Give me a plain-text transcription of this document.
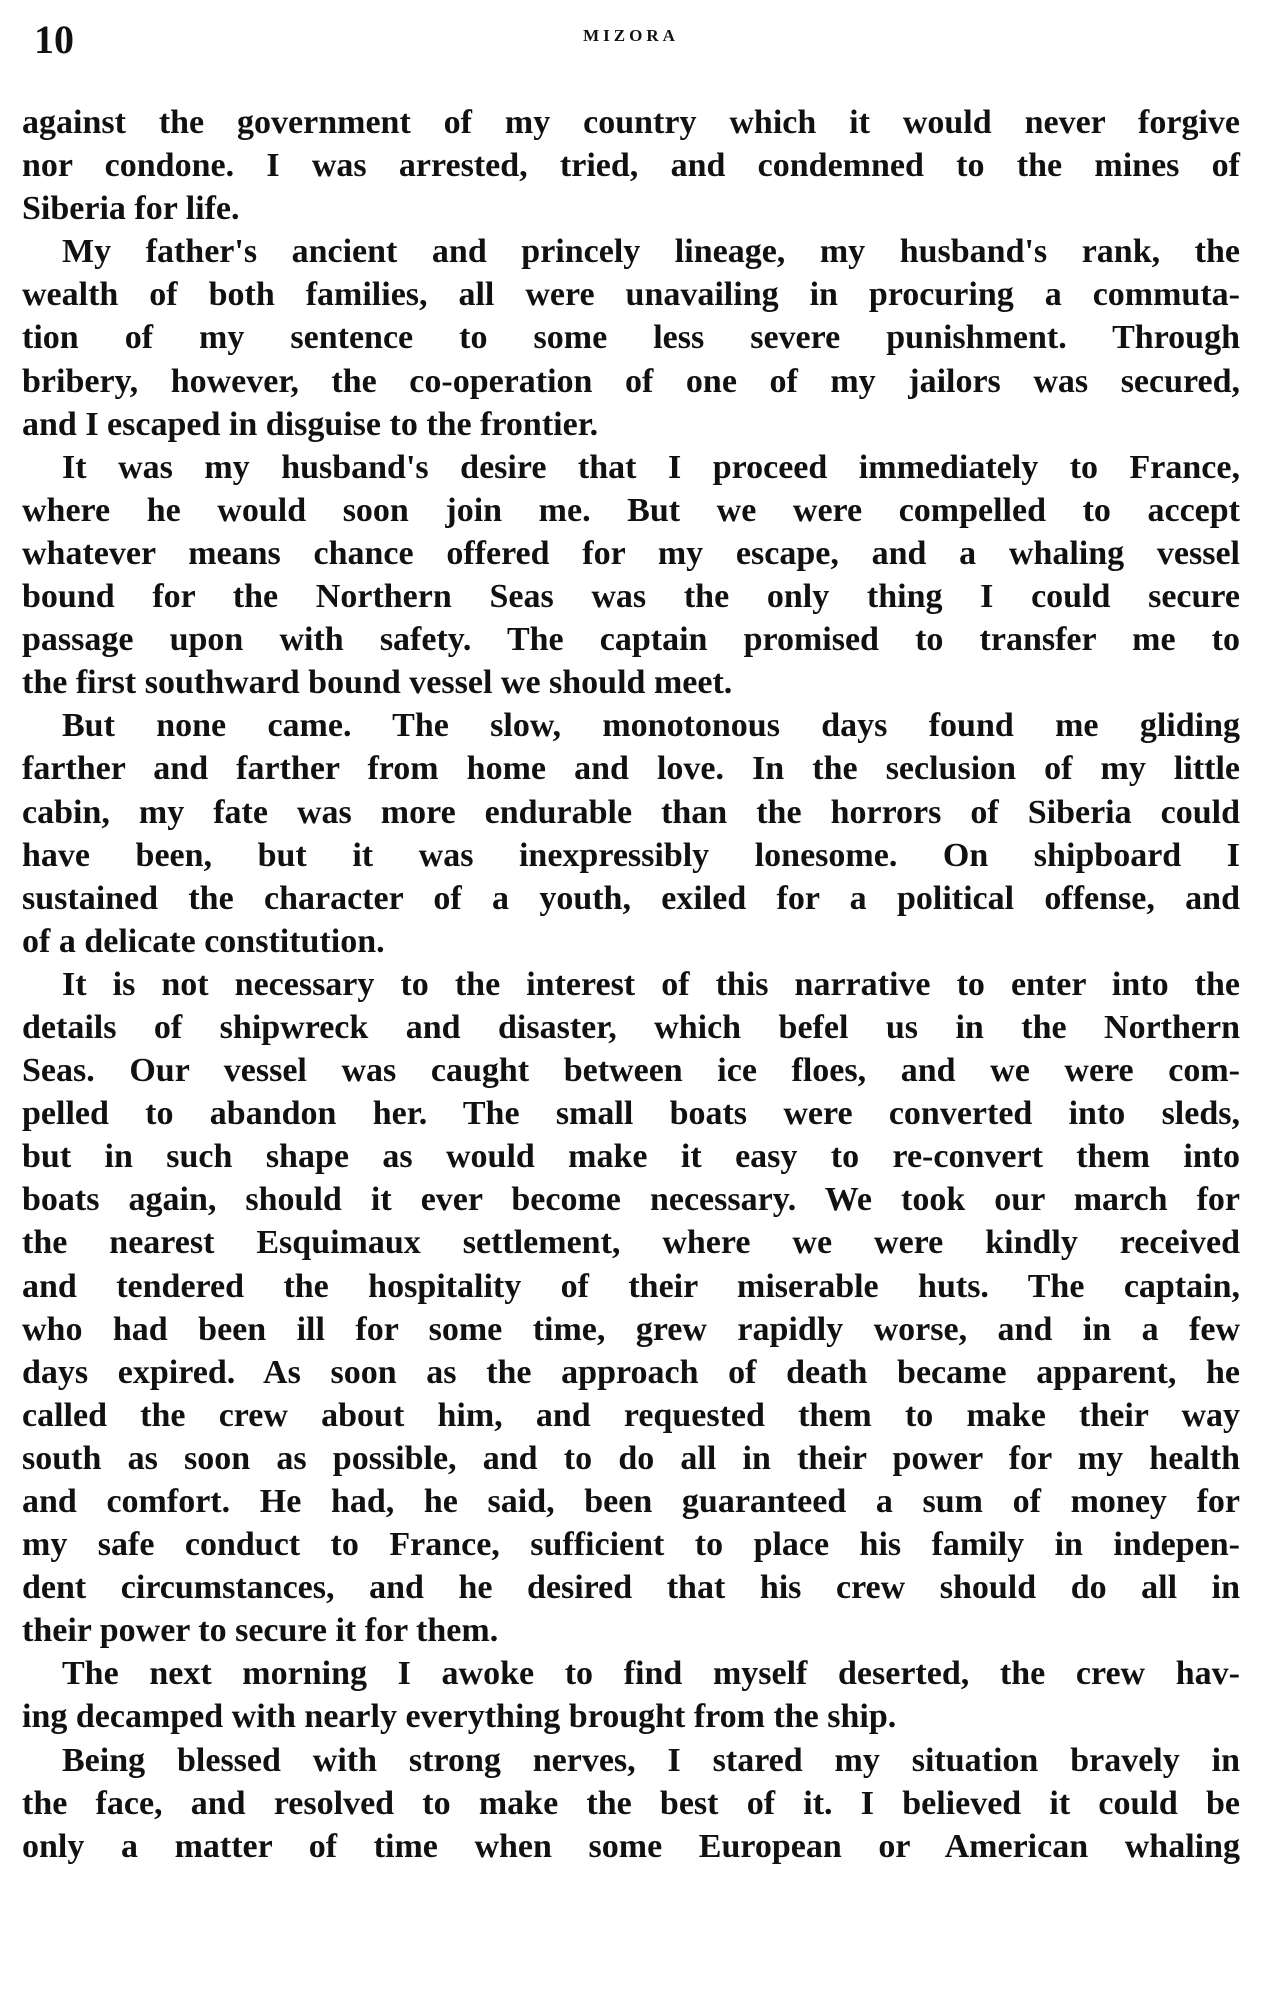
10	MIZORA

against the government of my country which it would never forgive
nor condone. I was arrested, tried, and condemned to the mines of
Siberia for life.

My father's ancient and princely lineage, my husband's rank, the
wealth of both families, all were unavailing in procuring a commuta-
tion of my sentence to some less severe punishment. Through
bribery, however, the co-operation of one of my jailors was secured,
and I escaped in disguise to the frontier.

It was my husband's desire that I proceed immediately to France,
where he would soon join me. But we were compelled to accept
whatever means chance offered for my escape, and a whaling vessel
bound for the Northern Seas was the only thing I could secure
passage upon with safety. The captain promised to transfer me to
the first southward bound vessel we should meet.

But none came. The slow, monotonous days found me gliding
farther and farther from home and love. In the seclusion of my little
cabin, my fate was more endurable than the horrors of Siberia could
have been, but it was inexpressibly lonesome. On shipboard I
sustained the character of a youth, exiled for a political offense, and
of a delicate constitution.

It is not necessary to the interest of this narrative to enter into the
details of shipwreck and disaster, which befel us in the Northern
Seas. Our vessel was caught between ice floes, and we were com-
pelled to abandon her. The small boats were converted into sleds,
but in such shape as would make it easy to re-convert them into
boats again, should it ever become necessary. We took our march for
the nearest Esquimaux settlement, where we were kindly received
and tendered the hospitality of their miserable huts. The captain,
who had been ill for some time, grew rapidly worse, and in a few
days expired. As soon as the approach of death became apparent, he
called the crew about him, and requested them to make their way
south as soon as possible, and to do all in their power for my health
and comfort. He had, he said, been guaranteed a sum of money for
my safe conduct to France, sufficient to place his family in indepen-
dent circumstances, and he desired that his crew should do all in
their power to secure it for them.

The next morning I awoke to find myself deserted, the crew hav-
ing decamped with nearly everything brought from the ship.

Being blessed with strong nerves, I stared my situation bravely in
the face, and resolved to make the best of it. I believed it could be
only a matter of time when some European or American whaling
